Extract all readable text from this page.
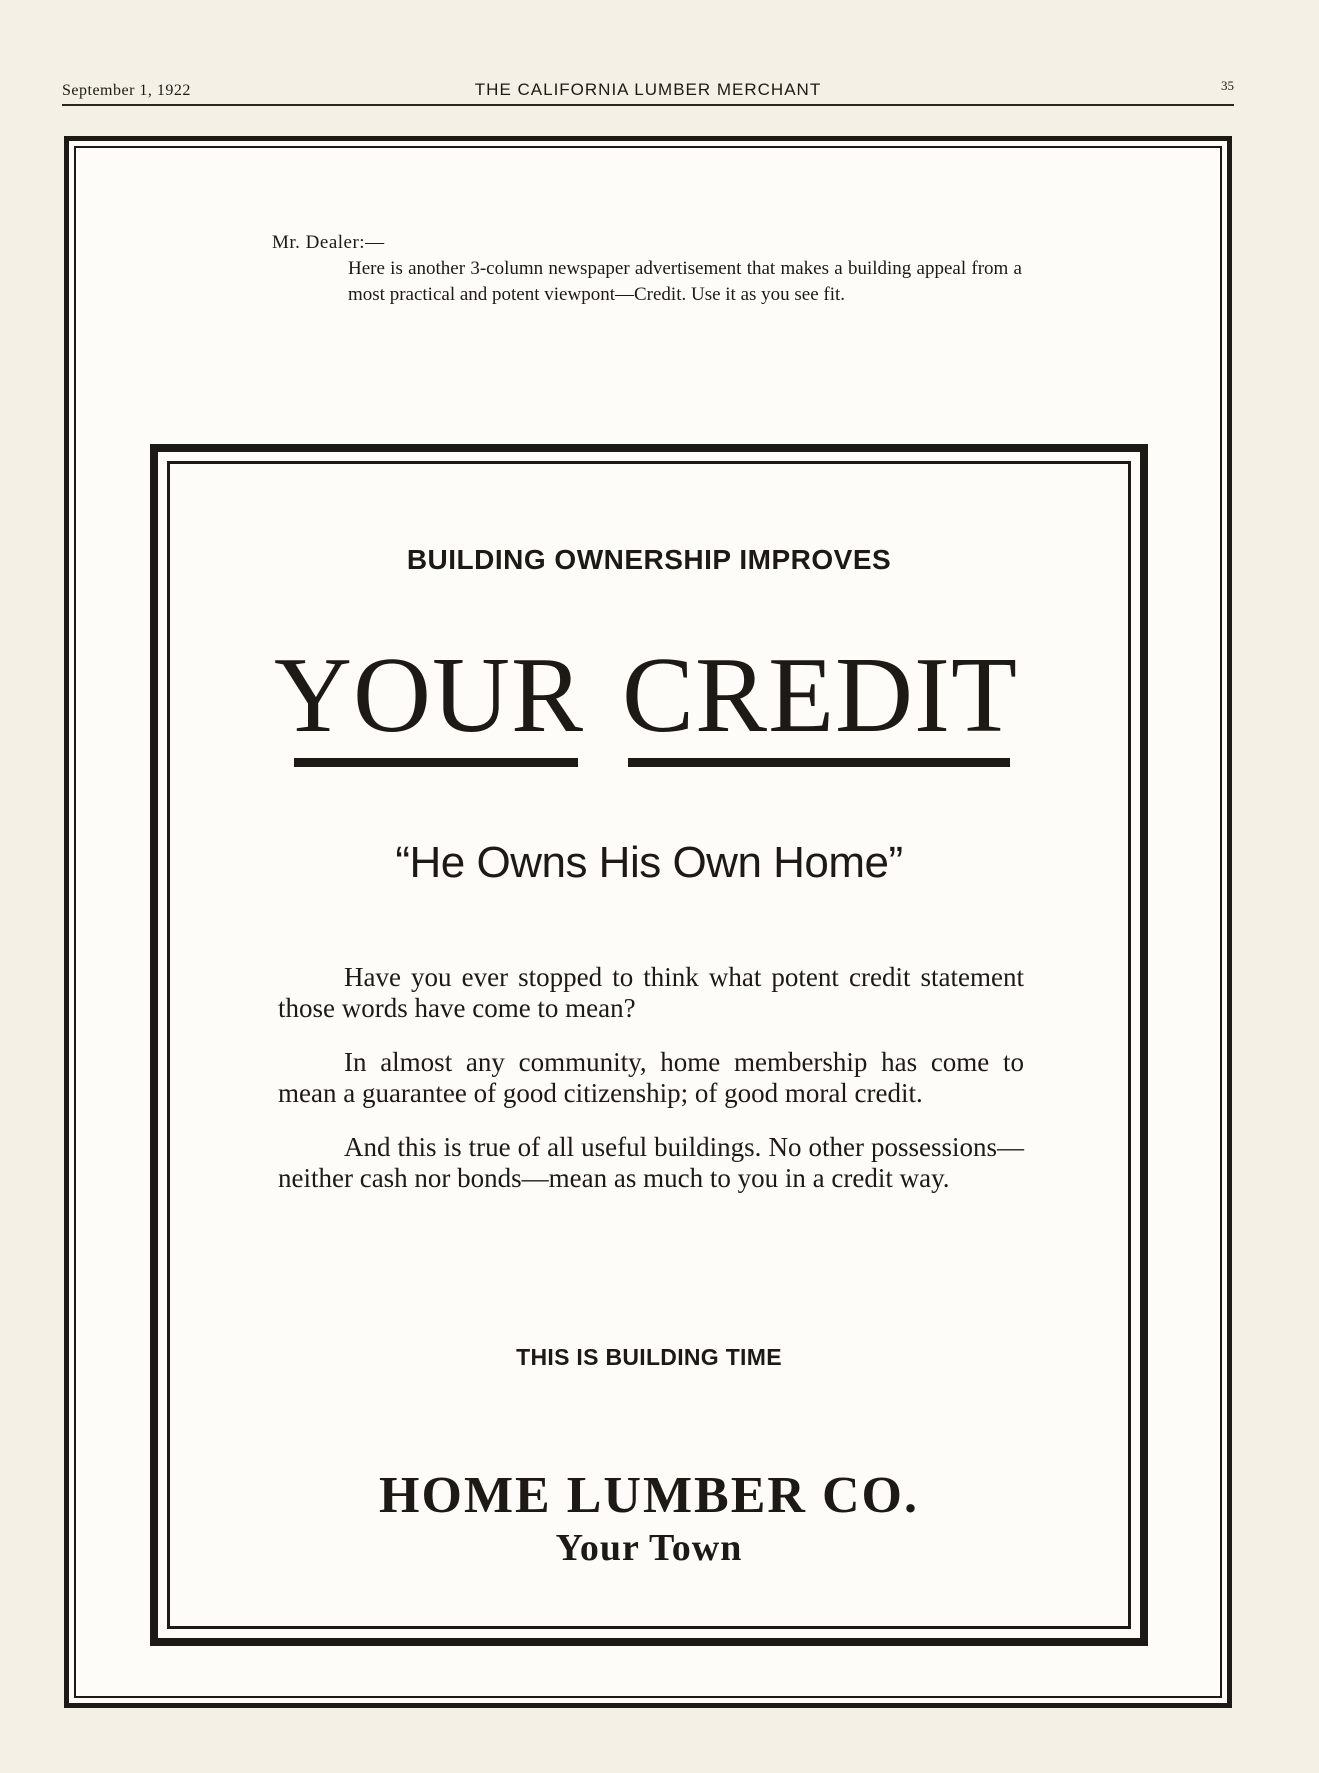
September 1, 1922	THE CALIFORNIA LUMBER MERCHANT	35
Mr. Dealer:—
Here is another 3-column newspaper advertisement that makes a building appeal from a most practical and potent viewpont—Credit. Use it as you see fit.
BUILDING OWNERSHIP IMPROVES
YOUR CREDIT
“He Owns His Own Home”

Have you ever stopped to think what potent credit statement those words have come to mean?

In almost any community, home membership has come to mean a guarantee of good citizenship; of good moral credit.

And this is true of all useful buildings. No other possessions—neither cash nor bonds—mean as much to you in a credit way.

THIS IS BUILDING TIME
HOME LUMBER CO.
Your Town
